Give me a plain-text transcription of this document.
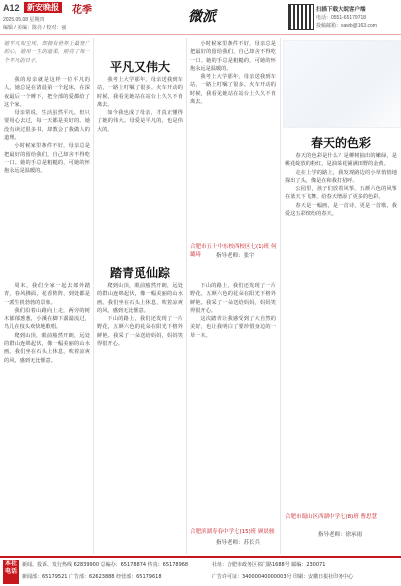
A12 新安晚报	花季
2025.05.08 星期四
编辑 / 美编：陈亮 / 校对：丽
微派	扫描下载大皖客户端
电话：0551-65179718
投稿邮箱：xawb@163.com
她平凡如尘埃，却拥有世界上最宽广的心，她用一生的温柔，照亮了每一个平凡的日子。	平凡又伟大

我的母亲就是这样一位平凡的人。她总是在清晨第一个起床，在深夜最后一个睡下，把全部的爱都给了这个家。

母亲常说，生活虽然平凡，但只要用心去过，每一天都是美好的。她没有读过很多书，却教会了我做人的道理。

小时候家里条件不好，母亲总是把最好的留给我们，自己却舍不得吃一口。她的手总是粗糙的，可她的怀抱永远是温暖的。

我考上大学那年，母亲送我到车站，一路上叮嘱了很多。火车开动的时候，我看见她站在站台上久久不肯离去。

如今我也成了母亲，才真正懂得了她的伟大。母爱是平凡的，也是伟大的。

小时候家里条件不好，母亲总是把最好的留给我们，自己却舍不得吃一口。她的手总是粗糙的，可她的怀抱永远是温暖的。

我考上大学那年，母亲送我到车站，一路上叮嘱了很多。火车开动的时候，我看见她站在站台上久久不肯离去。

合肥市五十中东校西校区七(1)班 何璐琦	指导老师：张宇
踏青觅仙踪

周末，我们全家一起去郊外踏青。春风拂面，花香阵阵，到处都是一派生机勃勃的景象。

我们沿着山路向上走，两旁的树木郁郁葱葱，小溪在脚下潺潺流过，鸟儿在枝头欢快地歌唱。

爬到山顶，眼前豁然开朗，远处的群山连绵起伏，像一幅美丽的山水画。我们坐在石头上休息，吹着凉爽的风，感到无比惬意。

爬到山顶，眼前豁然开朗，远处的群山连绵起伏，像一幅美丽的山水画。我们坐在石头上休息，吹着凉爽的风，感到无比惬意。

下山的路上，我们还发现了一片野花，五颜六色的花朵在阳光下格外鲜艳。我采了一朵送给妈妈，妈妈笑得很开心。

下山的路上，我们还发现了一片野花，五颜六色的花朵在阳光下格外鲜艳。我采了一朵送给妈妈，妈妈笑得很开心。

这次踏青让我感受到了大自然的美好，也让我明白了要珍惜身边的一草一木。

合肥滨湖寿春中学七(15)班 顾晨骏
指导老师：苏长兵
春天的色彩

春天的色彩是什么？是柳树抽出的嫩绿，是桃花绽放的粉红，是油菜花铺满田野的金黄。

走在上学的路上，我发现路边的小草悄悄地探出了头，像是在和我打招呼。

公园里，孩子们放着风筝，五颜六色的风筝在蓝天下飞舞，给春天增添了更多的色彩。

春天是一幅画，是一首诗，更是一首歌，我爱这五彩缤纷的春天。

合肥市蜀山区西湖中学七(8)班 曹思慧
指导老师：徐承雨
本社电话
新闻、投诉、发行热线 62839900 总编办：65178874 传真：65178968
新闻部：65179521 广告部：62623888 经营部：65179618
社址：合肥市政务区祁门路1688号 邮编：230071
广告许可证：34000040000003号 印刷：安徽日报社印务中心
